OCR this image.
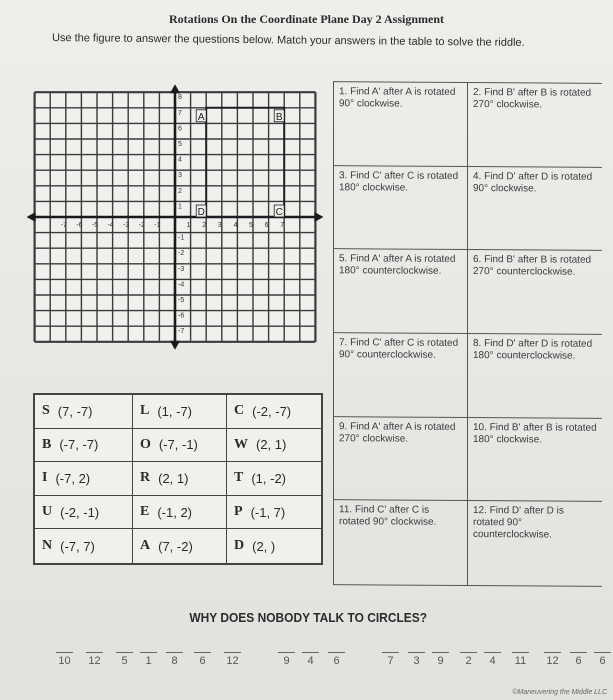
Rotations On the Coordinate Plane Day 2 Assignment
Use the figure to answer the questions below. Match your answers in the table to solve the riddle.
-7 -6 -5 -4 -3 -2 -1	1 2 3 4 5 6 7
8
7
6
5
4
3
2
1
-1
-2
-3
-4
-5
-6
-7
A	B
C
D
S (7, -7)	L (1, -7)	C (-2, -7)
B (-7, -7)	O (-7, -1)	W (2, 1)
I (-7, 2)	R (2, 1)	T (1, -2)
U (-2, -1)	E (-1, 2)	P (-1, 7)
N (-7, 7)	A (7, -2)	D (2, )
1. Find A' after A is rotated 90° clockwise.
2. Find B' after B is rotated 270° clockwise.
3. Find C' after C is rotated 180° clockwise.
4. Find D' after D is rotated 90° clockwise.
5. Find A' after A is rotated 180° counterclockwise.
6. Find B' after B is rotated 270° counterclockwise.
7. Find C' after C is rotated 90° counterclockwise.
8. Find D' after D is rotated 180° counterclockwise.
9. Find A' after A is rotated 270° clockwise.
10. Find B' after B is rotated 180° clockwise.
11. Find C' after C is rotated 90° clockwise.
12. Find D' after D is rotated 90° counterclockwise.
WHY DOES NOBODY TALK TO CIRCLES?
10 12	5	1	8	6	12	9	4	6	7	3	9	2	4	11 12	6	6
©Maneuvering the Middle LLC
